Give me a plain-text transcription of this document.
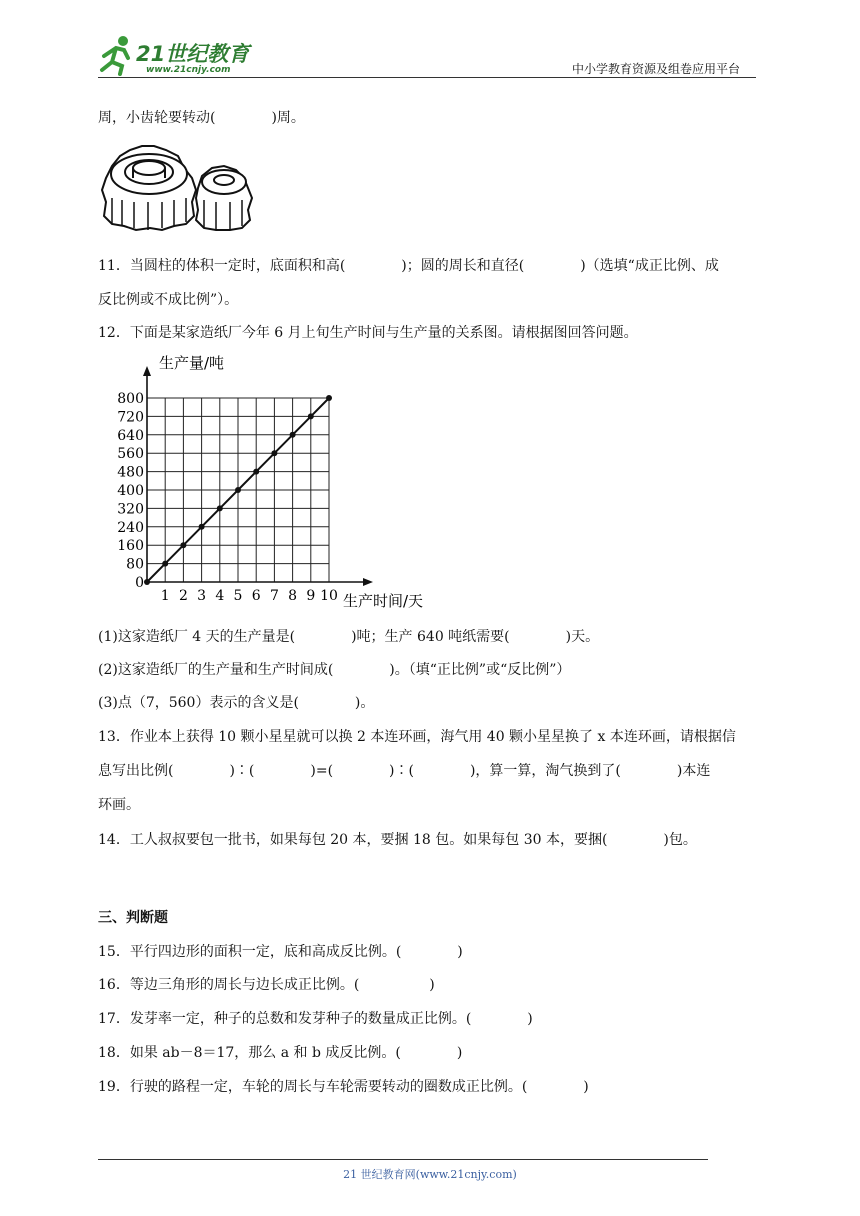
21世纪教育
www.21cnjy.com	中小学教育资源及组卷应用平台
周，小齿轮要转动(　　　　)周。
11．当圆柱的体积一定时，底面积和高(　　　　)；圆的周长和直径(　　　　)（选填“成正比例、成
反比例或不成比例”）。
12．下面是某家造纸厂今年 6 月上旬生产时间与生产量的关系图。请根据图回答问题。
生产量/吨
生产时间/天
0
80
160
240
320
400
480
560
640
720
800
1 2 3 4 5 6 7 8 9 10
(1)这家造纸厂 4 天的生产量是(　　　　)吨；生产 640 吨纸需要(　　　　)天。
(2)这家造纸厂的生产量和生产时间成(　　　　)。（填“正比例”或“反比例”）
(3)点（7，560）表示的含义是(　　　　)。
13．作业本上获得 10 颗小星星就可以换 2 本连环画，海气用 40 颗小星星换了 x 本连环画，请根据信
息写出比例(　　　　)∶(　　　　)=(　　　　)∶(　　　　)，算一算，淘气换到了(　　　　)本连
环画。
14．工人叔叔要包一批书，如果每包 20 本，要捆 18 包。如果每包 30 本，要捆(　　　　)包。
三、判断题
15．平行四边形的面积一定，底和高成反比例。(　　　　)
16．等边三角形的周长与边长成正比例。(　　　　　)
17．发芽率一定，种子的总数和发芽种子的数量成正比例。(　　　　)
18．如果 ab－8＝17，那么 a 和 b 成反比例。(　　　　)
19．行驶的路程一定，车轮的周长与车轮需要转动的圈数成正比例。(　　　　)
21 世纪教育网(www.21cnjy.com)
